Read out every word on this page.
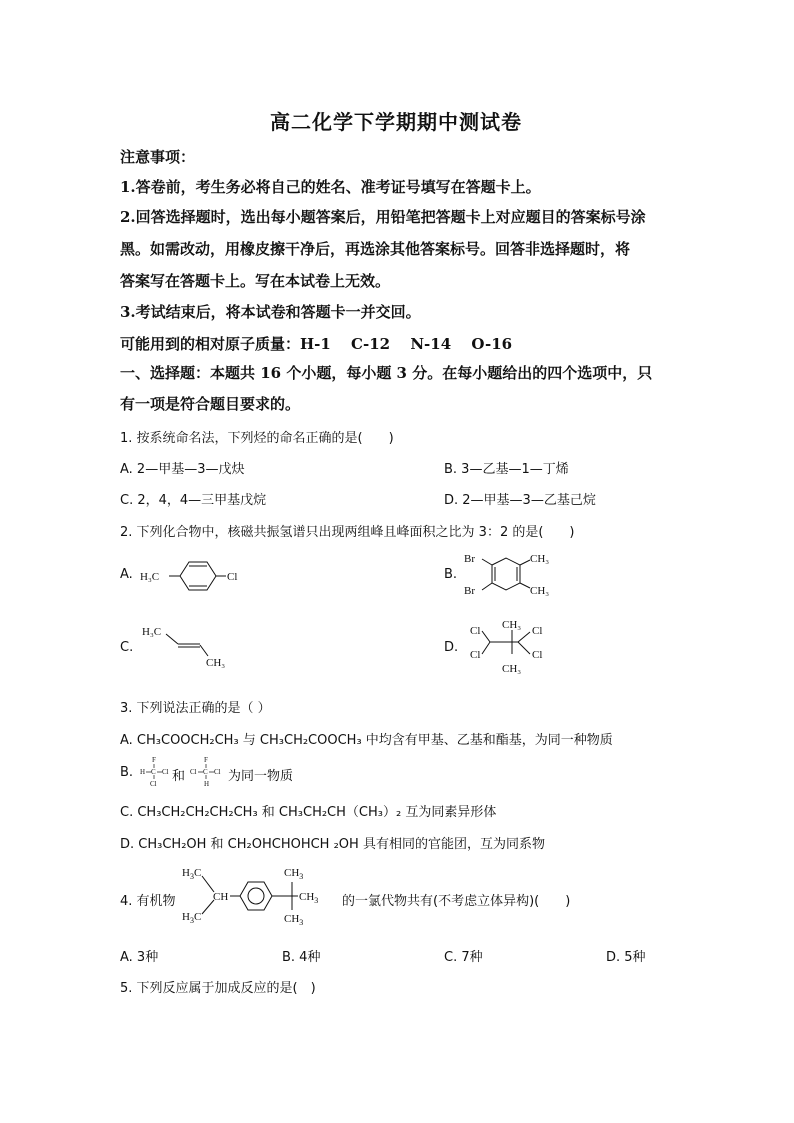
高二化学下学期期中测试卷
注意事项：
1.答卷前，考生务必将自己的姓名、准考证号填写在答题卡上。
2.回答选择题时，选出每小题答案后，用铅笔把答题卡上对应题目的答案标号涂
黑。如需改动，用橡皮擦干净后，再选涂其他答案标号。回答非选择题时，将
答案写在答题卡上。写在本试卷上无效。
3.考试结束后，将本试卷和答题卡一并交回。
可能用到的相对原子质量：H-1　 C-12　 N-14　 O-16
一、选择题：本题共 16 个小题，每小题 3 分。在每小题给出的四个选项中，只
有一项是符合题目要求的。
1. 按系统命名法，下列烃的命名正确的是(　　)
A. 2—甲基—3—戊炔	B. 3—乙基—1—丁烯
C. 2，4，4—三甲基戊烷	D. 2—甲基—3—乙基己烷
2. 下列化合物中，核磁共振氢谱只出现两组峰且峰面积之比为 3：2 的是(　　)
A. H₃C	Cl	B.
Br
Br
CH₃
CH₃
C.
H₃C
CH₃
D.
Cl
Cl
CH₃
CH₃
Cl
Cl
3. 下列说法正确的是（ ）
A. CH₃COOCH₂CH₃ 与 CH₃CH₂COOCH₃ 中均含有甲基、乙基和酯基，为同一种物质
B.
F
H C Cl
Cl 和
F
Cl C Cl
H 为同一物质
C. CH₃CH₂CH₂CH₂CH₃ 和 CH₃CH₂CH（CH₃）₂ 互为同素异形体
D. CH₃CH₂OH 和 CH₂OHCHOHCH ₂OH 具有相同的官能团，互为同系物
4. 有机物
$H_3C$
$H_3C$
CH
$CH_3$
$CH_3$
$CH_3$ 的一氯代物共有(不考虑立体异构)(　　)
A. 3种	B. 4种	C. 7种	D. 5种
5. 下列反应属于加成反应的是(　)
